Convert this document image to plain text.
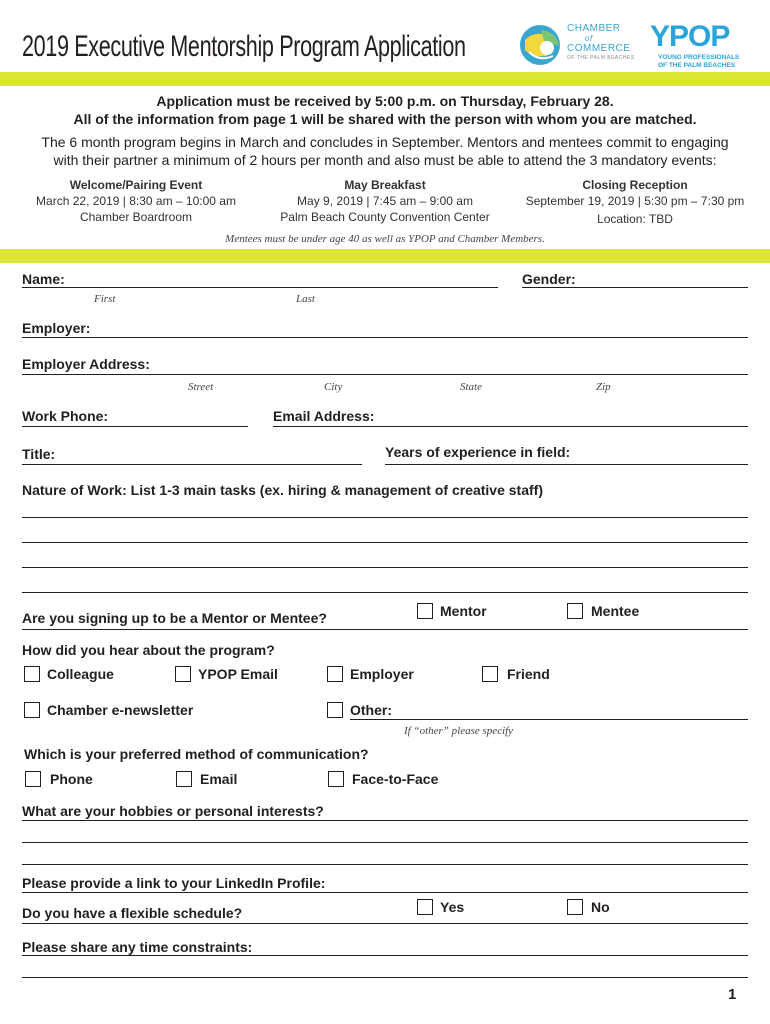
2019 Executive Mentorship Program Application
CHAMBER
of
COMMERCE
OF THE PALM BEACHES
YPOP
YOUNG PROFESSIONALS
OF THE PALM BEACHES
Application must be received by 5:00 p.m. on Thursday, February 28.
All of the information from page 1 will be shared with the person with whom you are matched.
The 6 month program begins in March and concludes in September. Mentors and mentees commit to engaging
with their partner a minimum of 2 hours per month and also must be able to attend the 3 mandatory events:
Welcome/Pairing Event
March 22, 2019 | 8:30 am – 10:00 am
Chamber Boardroom
May Breakfast
May 9, 2019 | 7:45 am – 9:00 am
Palm Beach County Convention Center
Closing Reception
September 19, 2019 | 5:30 pm – 7:30 pm
Location: TBD
Mentees must be under age 40 as well as YPOP and Chamber Members.
Name:
First	Last
Gender:
Employer:
Employer Address:
Street	City	State	Zip
Work Phone:	Email Address:
Title:	Years of experience in field:
Nature of Work: List 1-3 main tasks (ex. hiring & management of creative staff)
Are you signing up to be a Mentor or Mentee?	Mentor	Mentee
How did you hear about the program?
Colleague	YPOP Email	Employer	Friend
Chamber e-newsletter	Other:
If “other” please specify
Which is your preferred method of communication?
Phone	Email	Face-to-Face
What are your hobbies or personal interests?
Please provide a link to your LinkedIn Profile:
Do you have a flexible schedule?	Yes	No
Please share any time constraints:
1
